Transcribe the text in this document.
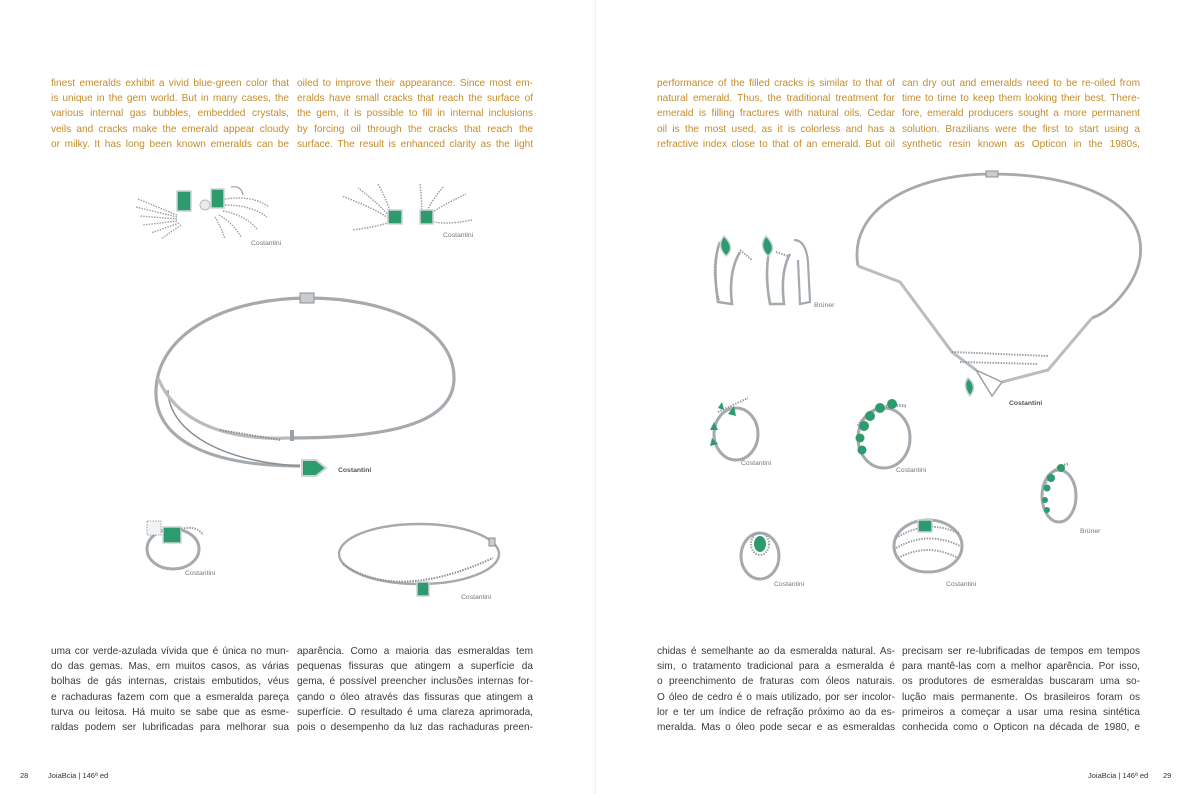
finest emeralds exhibit a vivid blue-green color that
is unique in the gem world. But in many cases, the
various internal gas bubbles, embedded crystals,
veils and cracks make the emerald appear cloudy
or milky. It has long been known emeralds can be
oiled to improve their appearance. Since most em-
eralds have small cracks that reach the surface of
the gem, it is possible to fill in internal inclusions
by forcing oil through the cracks that reach the
surface. The result is enhanced clarity as the light
Costantini
Costantini
Costantini
Costantini
Costantini
uma cor verde-azulada vívida que é única no mun-
do das gemas. Mas, em muitos casos, as várias
bolhas de gás internas, cristais embutidos, véus
e rachaduras fazem com que a esmeralda pareça
turva ou leitosa. Há muito se sabe que as esme-
raldas podem ser lubrificadas para melhorar sua
aparência. Como a maioria das esmeraldas tem
pequenas fissuras que atingem a superfície da
gema, é possível preencher inclusões internas for-
çando o óleo através das fissuras que atingem a
superfície. O resultado é uma clareza aprimorada,
pois o desempenho da luz das rachaduras preen-
28	JoiaBcia | 146ª ed
performance of the filled cracks is similar to that of
natural emerald. Thus, the traditional treatment for
emerald is filling fractures with natural oils. Cedar
oil is the most used, as it is colorless and has a
refractive index close to that of an emerald. But oil
can dry out and emeralds need to be re-oiled from
time to time to keep them looking their best. There-
fore, emerald producers sought a more permanent
solution. Brazilians were the first to start using a
synthetic resin known as Opticon in the 1980s,
Brüner
Costantini
Costantini
Costantini
Brüner
Costantini	Costantini
chidas é semelhante ao da esmeralda natural. As-
sim, o tratamento tradicional para a esmeralda é
o preenchimento de fraturas com óleos naturais.
O óleo de cedro é o mais utilizado, por ser incolor-
lor e ter um índice de refração próximo ao da es-
meralda. Mas o óleo pode secar e as esmeraldas
precisam ser re-lubrificadas de tempos em tempos
para mantê-las com a melhor aparência. Por isso,
os produtores de esmeraldas buscaram uma so-
lução mais permanente. Os brasileiros foram os
primeiros a começar a usar uma resina sintética
conhecida como o Opticon na década de 1980, e
JoiaBcia | 146ª ed 29
